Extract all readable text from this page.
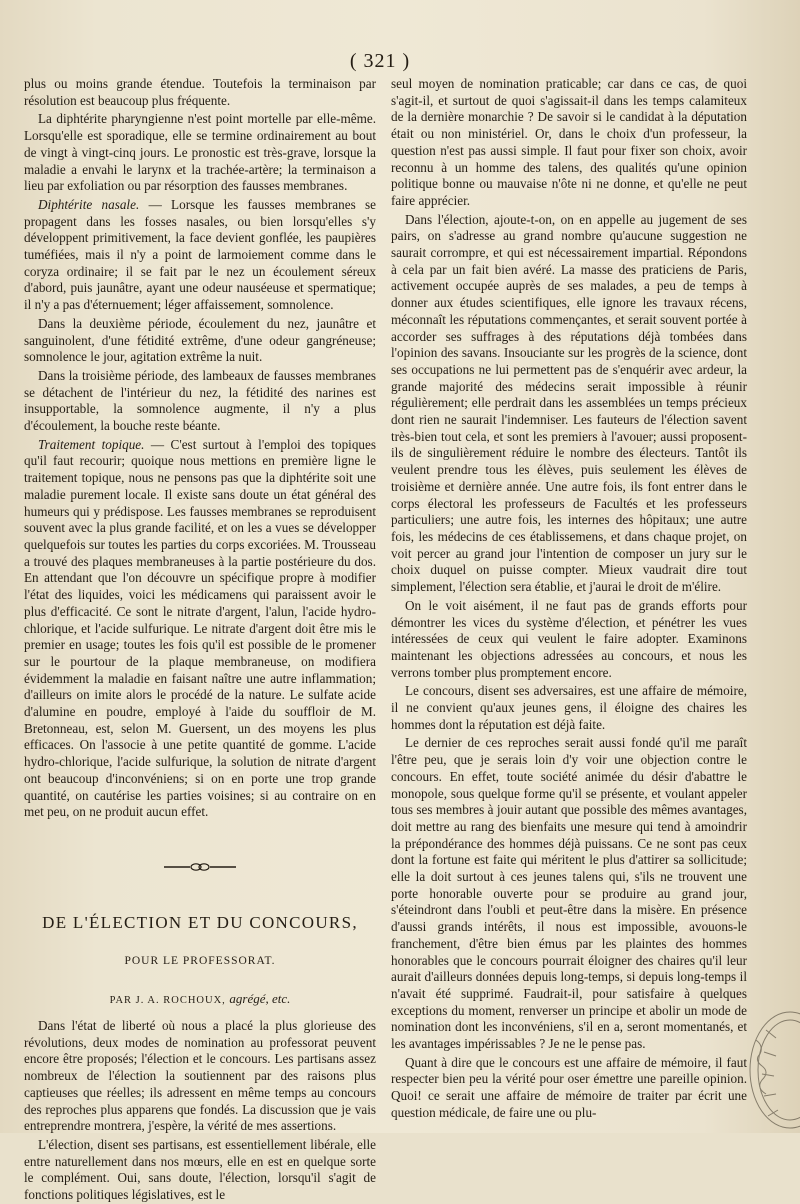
( 321 )

plus ou moins grande étendue. Toutefois la terminaison par résolution est beaucoup plus fréquente.

La diphtérite pharyngienne n'est point mortelle par elle-même. Lorsqu'elle est sporadique, elle se termine ordinairement au bout de vingt à vingt-cinq jours. Le pronostic est très-grave, lorsque la maladie a envahi le larynx et la trachée-artère; la terminaison a lieu par exfoliation ou par résorption des fausses membranes.

Diphtérite nasale. — Lorsque les fausses membranes se propagent dans les fosses nasales, ou bien lorsqu'elles s'y développent primitivement, la face devient gonflée, les paupières tuméfiées, mais il n'y a point de larmoiement comme dans le coryza ordinaire; il se fait par le nez un écoulement séreux d'abord, puis jaunâtre, ayant une odeur nauséeuse et spermatique; il n'y a pas d'éternuement; léger affaissement, somnolence.

Dans la deuxième période, écoulement du nez, jaunâtre et sanguinolent, d'une fétidité extrême, d'une odeur gangréneuse; somnolence le jour, agitation extrême la nuit.

Dans la troisième période, des lambeaux de fausses membranes se détachent de l'intérieur du nez, la fétidité des narines est insupportable, la somnolence augmente, il n'y a plus d'écoulement, la bouche reste béante.

Traitement topique. — C'est surtout à l'emploi des topiques qu'il faut recourir; quoique nous mettions en première ligne le traitement topique, nous ne pensons pas que la diphtérite soit une maladie purement locale. Il existe sans doute un état général des humeurs qui y prédispose. Les fausses membranes se reproduisent souvent avec la plus grande facilité, et on les a vues se développer quelquefois sur toutes les parties du corps excoriées. M. Trousseau a trouvé des plaques membraneuses à la partie postérieure du dos. En attendant que l'on découvre un spécifique propre à modifier l'état des liquides, voici les médicamens qui paraissent avoir le plus d'efficacité. Ce sont le nitrate d'argent, l'alun, l'acide hydro-chlorique, et l'acide sulfurique. Le nitrate d'argent doit être mis le premier en usage; toutes les fois qu'il est possible de le promener sur le pourtour de la plaque membraneuse, on modifiera évidemment la maladie en faisant naître une autre inflammation; d'ailleurs on imite alors le procédé de la nature. Le sulfate acide d'alumine en poudre, employé à l'aide du souffloir de M. Bretonneau, est, selon M. Guersent, un des moyens les plus efficaces. On l'associe à une petite quantité de gomme. L'acide hydro-chlorique, l'acide sulfurique, la solution de nitrate d'argent ont beaucoup d'inconvéniens; si on en porte une trop grande quantité, on cautérise les parties voisines; si au contraire on en met peu, on ne produit aucun effet.

DE L'ÉLECTION ET DU CONCOURS,
POUR LE PROFESSORAT.
PAR J. A. ROCHOUX, agrégé, etc.

Dans l'état de liberté où nous a placé la plus glorieuse des révolutions, deux modes de nomination au professorat peuvent encore être proposés; l'élection et le concours. Les partisans assez nombreux de l'élection la soutiennent par des raisons plus captieuses que réelles; ils adressent en même temps au concours des reproches plus apparens que fondés. La discussion que je vais entreprendre montrera, j'espère, la vérité de mes assertions.

L'élection, disent ses partisans, est essentiellement libérale, elle entre naturellement dans nos mœurs, elle en est en quelque sorte le complément. Oui, sans doute, l'élection, lorsqu'il s'agit de fonctions politiques législatives, est le

seul moyen de nomination praticable; car dans ce cas, de quoi s'agit-il, et surtout de quoi s'agissait-il dans les temps calamiteux de la dernière monarchie ? De savoir si le candidat à la députation était ou non ministériel. Or, dans le choix d'un professeur, la question n'est pas aussi simple. Il faut pour fixer son choix, avoir reconnu à un homme des talens, des qualités qu'une opinion politique bonne ou mauvaise n'ôte ni ne donne, et qu'elle ne peut faire apprécier.

Dans l'élection, ajoute-t-on, on en appelle au jugement de ses pairs, on s'adresse au grand nombre qu'aucune suggestion ne saurait corrompre, et qui est nécessairement impartial. Répondons à cela par un fait bien avéré. La masse des praticiens de Paris, activement occupée auprès de ses malades, a peu de temps à donner aux études scientifiques, elle ignore les travaux récens, méconnaît les réputations commençantes, et serait souvent portée à accorder ses suffrages à des réputations déjà tombées dans l'opinion des savans. Insouciante sur les progrès de la science, dont ses occupations ne lui permettent pas de s'enquérir avec ardeur, la grande majorité des médecins serait impossible à réunir régulièrement; elle perdrait dans les assemblées un temps précieux dont rien ne saurait l'indemniser. Les fauteurs de l'élection savent très-bien tout cela, et sont les premiers à l'avouer; aussi proposent-ils de singulièrement réduire le nombre des électeurs. Tantôt ils veulent prendre tous les élèves, puis seulement les élèves de troisième et dernière année. Une autre fois, ils font entrer dans le corps électoral les professeurs de Facultés et les professeurs particuliers; une autre fois, les internes des hôpitaux; une autre fois, les médecins de ces établissemens, et dans chaque projet, on voit percer au grand jour l'intention de composer un jury sur le choix duquel on puisse compter. Mieux vaudrait dire tout simplement, l'élection sera établie, et j'aurai le droit de m'élire.

On le voit aisément, il ne faut pas de grands efforts pour démontrer les vices du système d'élection, et pénétrer les vues intéressées de ceux qui veulent le faire adopter. Examinons maintenant les objections adressées au concours, et nous les verrons tomber plus promptement encore.

Le concours, disent ses adversaires, est une affaire de mémoire, il ne convient qu'aux jeunes gens, il éloigne des chaires les hommes dont la réputation est déjà faite.

Le dernier de ces reproches serait aussi fondé qu'il me paraît l'être peu, que je serais loin d'y voir une objection contre le concours. En effet, toute société animée du désir d'abattre le monopole, sous quelque forme qu'il se présente, et voulant appeler tous ses membres à jouir autant que possible des mêmes avantages, doit mettre au rang des bienfaits une mesure qui tend à amoindrir la prépondérance des hommes déjà puissans. Ce ne sont pas ceux dont la fortune est faite qui méritent le plus d'attirer sa sollicitude; elle la doit surtout à ces jeunes talens qui, s'ils ne trouvent une porte honorable ouverte pour se produire au grand jour, s'éteindront dans l'oubli et peut-être dans la misère. En présence d'aussi grands intérêts, il nous est impossible, avouons-le franchement, d'être bien émus par les plaintes des hommes honorables que le concours pourrait éloigner des chaires qu'il leur aurait d'ailleurs données depuis long-temps, si depuis long-temps il n'avait été supprimé. Faudrait-il, pour satisfaire à quelques exceptions du moment, renverser un principe et abolir un mode de nomination dont les inconvéniens, s'il en a, seront momentanés, et les avantages impérissables ? Je ne le pense pas.

Quant à dire que le concours est une affaire de mémoire, il faut respecter bien peu la vérité pour oser émettre une pareille opinion. Quoi! ce serait une affaire de mémoire de traiter par écrit une question médicale, de faire une ou plu-
